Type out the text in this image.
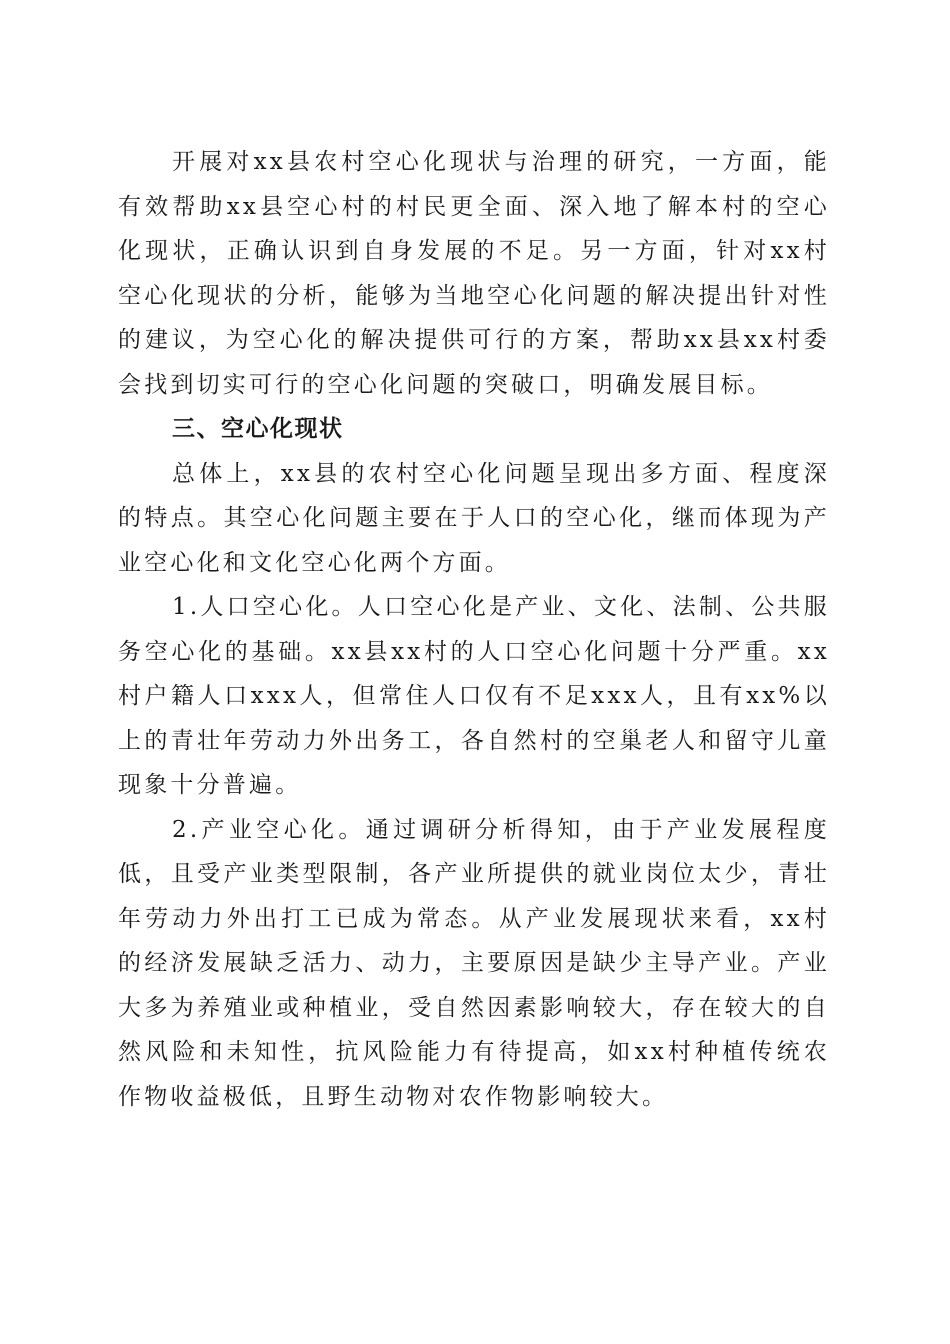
开展对xx县农村空心化现状与治理的研究，一方面，能有效帮助xx县空心村的村民更全面、深入地了解本村的空心化现状，正确认识到自身发展的不足。另一方面，针对xx村空心化现状的分析，能够为当地空心化问题的解决提出针对性的建议，为空心化的解决提供可行的方案，帮助xx县xx村委会找到切实可行的空心化问题的突破口，明确发展目标。

三、空心化现状

总体上，xx县的农村空心化问题呈现出多方面、程度深的特点。其空心化问题主要在于人口的空心化，继而体现为产业空心化和文化空心化两个方面。

1.人口空心化。人口空心化是产业、文化、法制、公共服务空心化的基础。xx县xx村的人口空心化问题十分严重。xx村户籍人口xxx人，但常住人口仅有不足xxx人，且有xx%以上的青壮年劳动力外出务工，各自然村的空巢老人和留守儿童现象十分普遍。

2.产业空心化。通过调研分析得知，由于产业发展程度低，且受产业类型限制，各产业所提供的就业岗位太少，青壮年劳动力外出打工已成为常态。从产业发展现状来看，xx村的经济发展缺乏活力、动力，主要原因是缺少主导产业。产业大多为养殖业或种植业，受自然因素影响较大，存在较大的自然风险和未知性，抗风险能力有待提高，如xx村种植传统农作物收益极低，且野生动物对农作物影响较大。
